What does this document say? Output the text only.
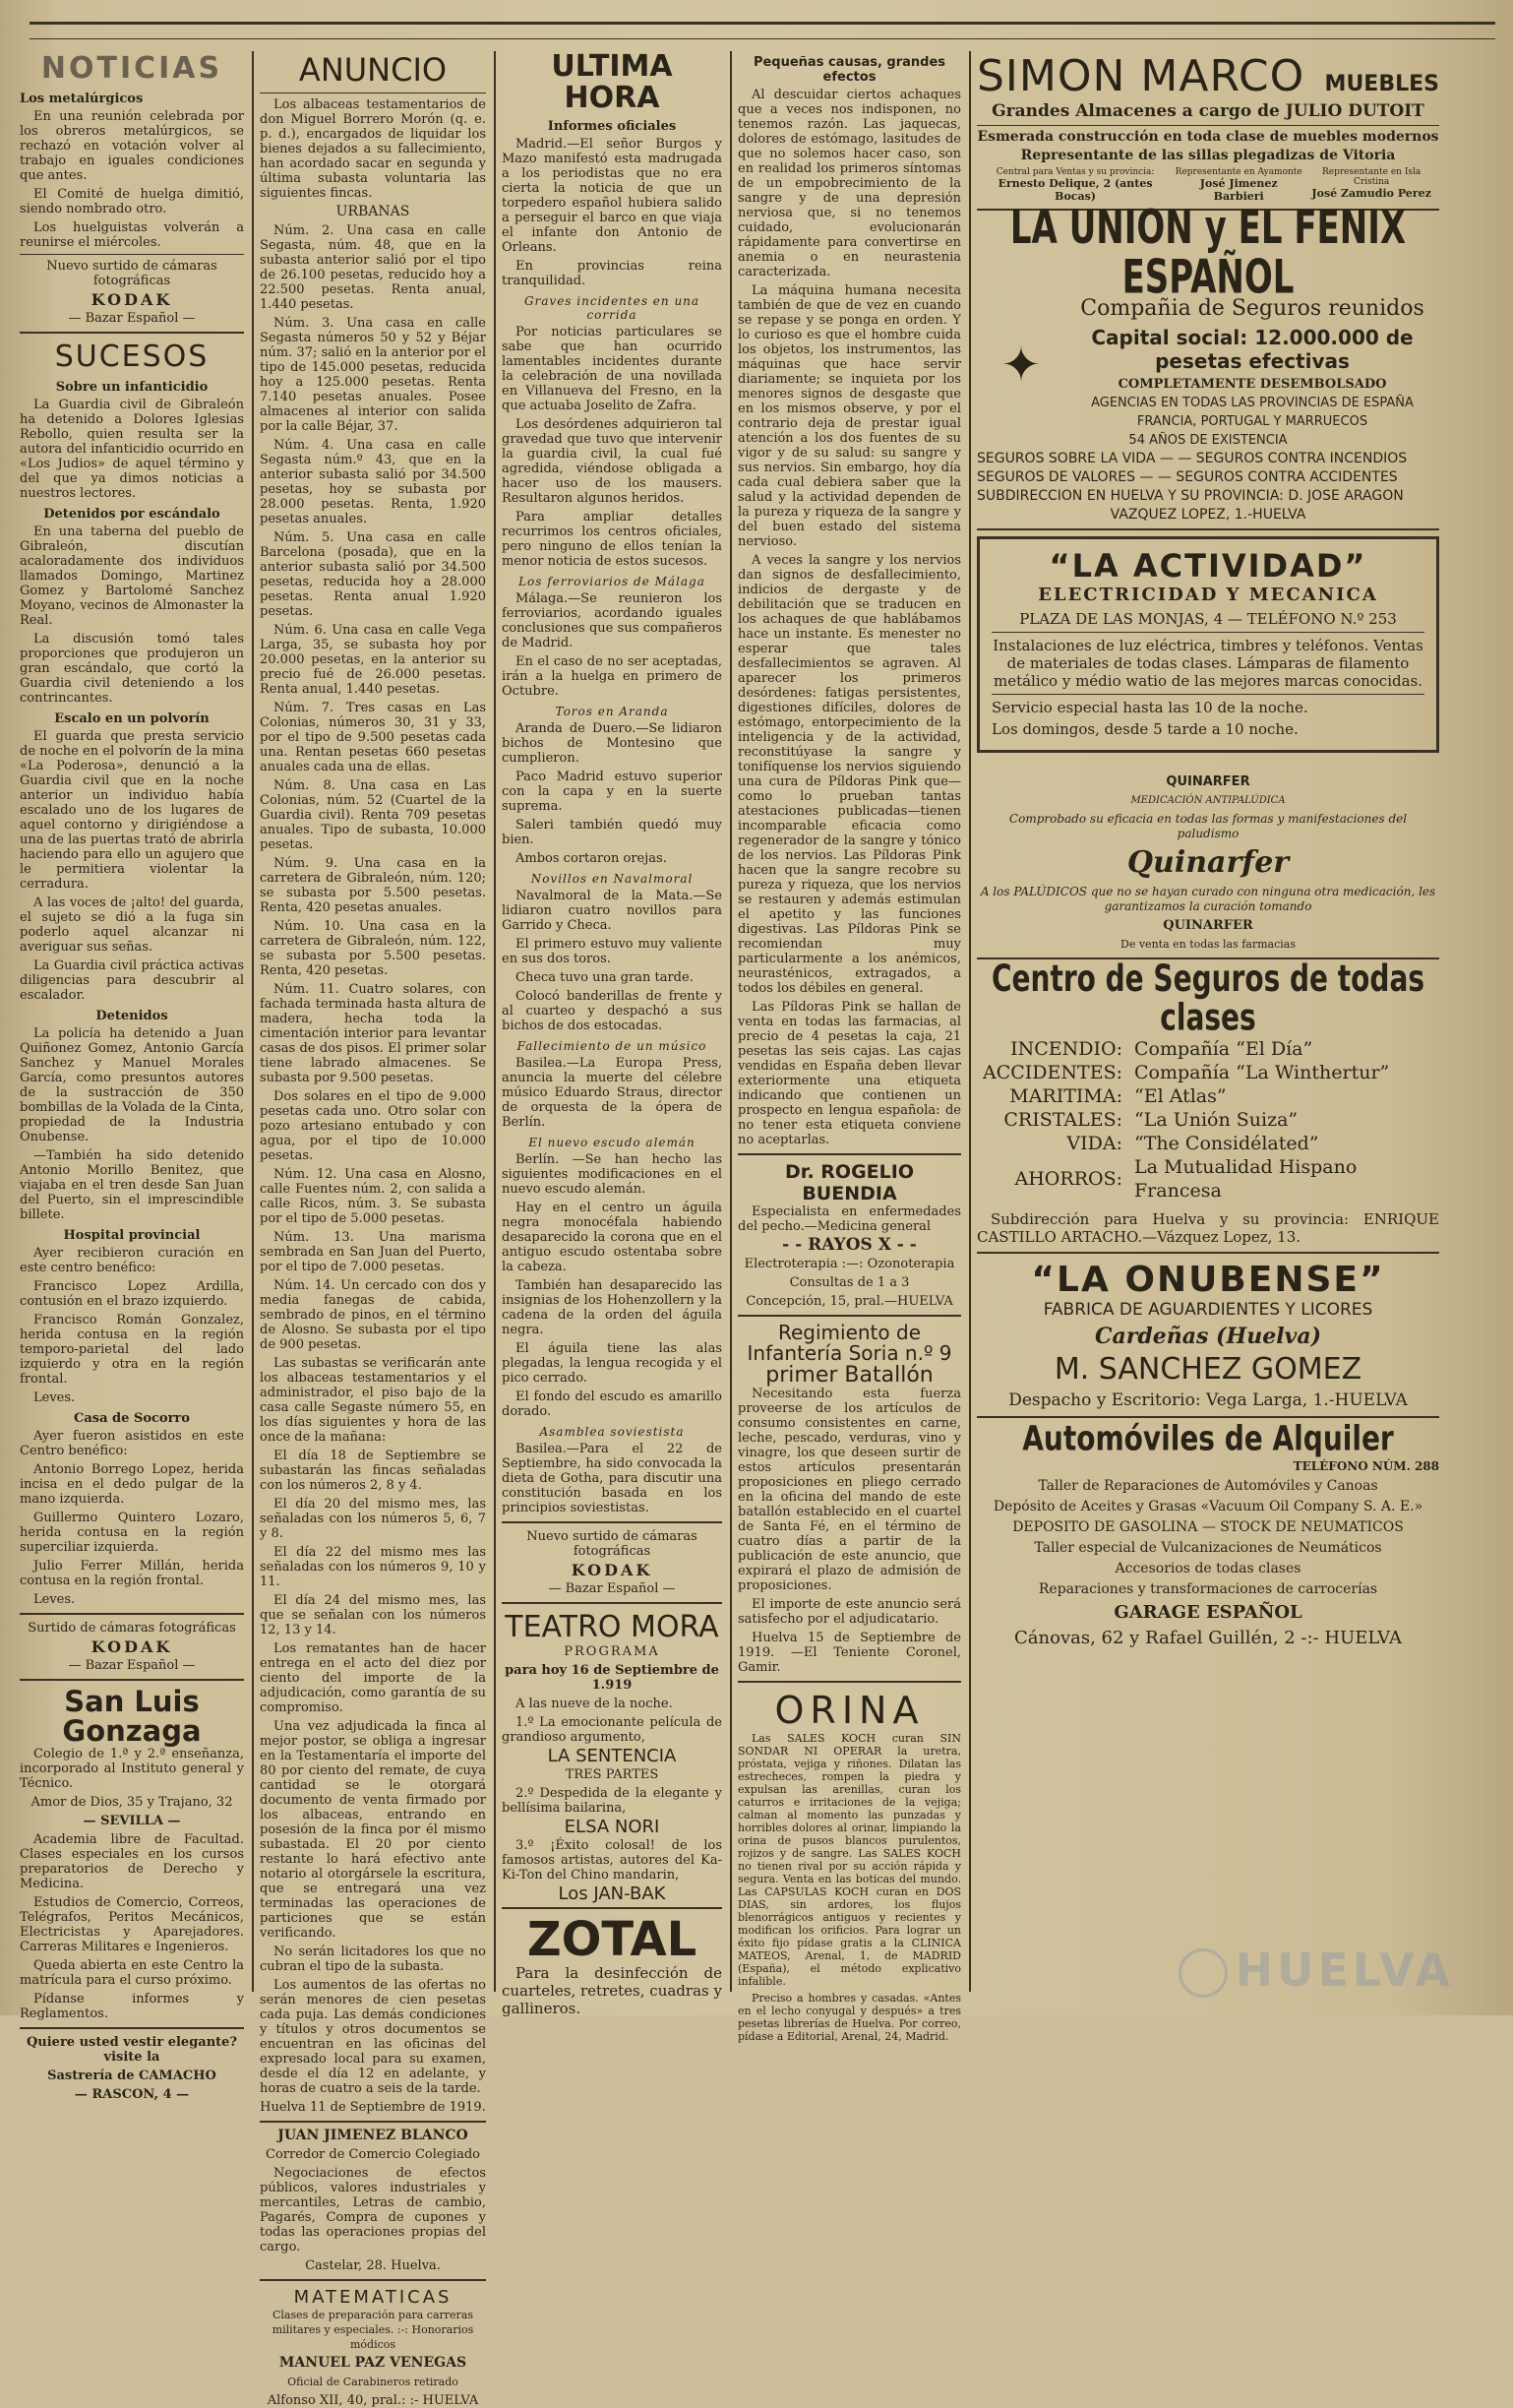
NOTICIAS
Los metalúrgicos

En una reunión celebrada por los obreros metalúrgicos, se rechazó en votación volver al trabajo en iguales condiciones que antes.

El Comité de huelga dimitió, siendo nombrado otro.

Los huelguistas volverán a reunirse el miércoles.

Nuevo surtido de cámaras fotográficas

KODAK

— Bazar Español —

SUCESOS
Sobre un infanticidio

La Guardia civil de Gibraleón ha detenido a Dolores Iglesias Rebollo, quien resulta ser la autora del infanticidio ocurrido en «Los Judios» de aquel término y del que ya dimos noticias a nuestros lectores.

Detenidos por escándalo

En una taberna del pueblo de Gibraleón, discutían acaloradamente dos individuos llamados Domingo, Martinez Gomez y Bartolomé Sanchez Moyano, vecinos de Almonaster la Real.

La discusión tomó tales proporciones que produjeron un gran escándalo, que cortó la Guardia civil deteniendo a los contrincantes.

Escalo en un polvorín

El guarda que presta servicio de noche en el polvorín de la mina «La Poderosa», denunció a la Guardia civil que en la noche anterior un individuo había escalado uno de los lugares de aquel contorno y dirigiéndose a una de las puertas trató de abrirla haciendo para ello un agujero que le permitiera violentar la cerradura.

A las voces de ¡alto! del guarda, el sujeto se dió a la fuga sin poderlo aquel alcanzar ni averiguar sus señas.

La Guardia civil práctica activas diligencias para descubrir al escalador.

Detenidos

La policía ha detenido a Juan Quiñonez Gomez, Antonio García Sanchez y Manuel Morales García, como presuntos autores de la sustracción de 350 bombillas de la Volada de la Cinta, propiedad de la Industria Onubense.

—También ha sido detenido Antonio Morillo Benitez, que viajaba en el tren desde San Juan del Puerto, sin el imprescindible billete.

Hospital provincial

Ayer recibieron curación en este centro benéfico:

Francisco Lopez Ardilla, contusión en el brazo izquierdo.

Francisco Román Gonzalez, herida contusa en la región temporo-parietal del lado izquierdo y otra en la región frontal.

Leves.

Casa de Socorro

Ayer fueron asistidos en este Centro benéfico:

Antonio Borrego Lopez, herida incisa en el dedo pulgar de la mano izquierda.

Guillermo Quintero Lozaro, herida contusa en la región superciliar izquierda.

Julio Ferrer Millán, herida contusa en la región frontal.

Leves.

Surtido de cámaras fotográficas

KODAK

— Bazar Español —

San Luis Gonzaga

Colegio de 1.ª y 2.ª enseñanza, incorporado al Instituto general y Técnico.

Amor de Dios, 35 y Trajano, 32

— SEVILLA —

Academia libre de Facultad. Clases especiales en los cursos preparatorios de Derecho y Medicina.

Estudios de Comercio, Correos, Telégrafos, Peritos Mecánicos, Electricistas y Aparejadores. Carreras Militares e Ingenieros.

Queda abierta en este Centro la matrícula para el curso próximo.

Pídanse informes y Reglamentos.

Quiere usted vestir elegante? visite la

Sastrería de CAMACHO

— RASCON, 4 —

ANUNCIO

Los albaceas testamentarios de don Miguel Borrero Morón (q. e. p. d.), encargados de liquidar los bienes dejados a su fallecimiento, han acordado sacar en segunda y última subasta voluntaria las siguientes fincas.

URBANAS

Núm. 2. Una casa en calle Segasta, núm. 48, que en la subasta anterior salió por el tipo de 26.100 pesetas, reducido hoy a 22.500 pesetas. Renta anual, 1.440 pesetas.

Núm. 3. Una casa en calle Segasta números 50 y 52 y Béjar núm. 37; salió en la anterior por el tipo de 145.000 pesetas, reducida hoy a 125.000 pesetas. Renta 7.140 pesetas anuales. Posee almacenes al interior con salida por la calle Béjar, 37.

Núm. 4. Una casa en calle Segasta núm.º 43, que en la anterior subasta salió por 34.500 pesetas, hoy se subasta por 28.000 pesetas. Renta, 1.920 pesetas anuales.

Núm. 5. Una casa en calle Barcelona (posada), que en la anterior subasta salió por 34.500 pesetas, reducida hoy a 28.000 pesetas. Renta anual 1.920 pesetas.

Núm. 6. Una casa en calle Vega Larga, 35, se subasta hoy por 20.000 pesetas, en la anterior su precio fué de 26.000 pesetas. Renta anual, 1.440 pesetas.

Núm. 7. Tres casas en Las Colonias, números 30, 31 y 33, por el tipo de 9.500 pesetas cada una. Rentan pesetas 660 pesetas anuales cada una de ellas.

Núm. 8. Una casa en Las Colonias, núm. 52 (Cuartel de la Guardia civil). Renta 709 pesetas anuales. Tipo de subasta, 10.000 pesetas.

Núm. 9. Una casa en la carretera de Gibraleón, núm. 120; se subasta por 5.500 pesetas. Renta, 420 pesetas anuales.

Núm. 10. Una casa en la carretera de Gibraleón, núm. 122, se subasta por 5.500 pesetas. Renta, 420 pesetas.

Núm. 11. Cuatro solares, con fachada terminada hasta altura de madera, hecha toda la cimentación interior para levantar casas de dos pisos. El primer solar tiene labrado almacenes. Se subasta por 9.500 pesetas.

Dos solares en el tipo de 9.000 pesetas cada uno. Otro solar con pozo artesiano entubado y con agua, por el tipo de 10.000 pesetas.

Núm. 12. Una casa en Alosno, calle Fuentes núm. 2, con salida a calle Ricos, núm. 3. Se subasta por el tipo de 5.000 pesetas.

Núm. 13. Una marisma sembrada en San Juan del Puerto, por el tipo de 7.000 pesetas.

Núm. 14. Un cercado con dos y media fanegas de cabida, sembrado de pinos, en el término de Alosno. Se subasta por el tipo de 900 pesetas.

Las subastas se verificarán ante los albaceas testamentarios y el administrador, el piso bajo de la casa calle Segaste número 55, en los días siguientes y hora de las once de la mañana:

El día 18 de Septiembre se subastarán las fincas señaladas con los números 2, 8 y 4.

El día 20 del mismo mes, las señaladas con los números 5, 6, 7 y 8.

El día 22 del mismo mes las señaladas con los números 9, 10 y 11.

El día 24 del mismo mes, las que se señalan con los números 12, 13 y 14.

Los rematantes han de hacer entrega en el acto del diez por ciento del importe de la adjudicación, como garantía de su compromiso.

Una vez adjudicada la finca al mejor postor, se obliga a ingresar en la Testamentaría el importe del 80 por ciento del remate, de cuya cantidad se le otorgará documento de venta firmado por los albaceas, entrando en posesión de la finca por él mismo subastada. El 20 por ciento restante lo hará efectivo ante notario al otorgársele la escritura, que se entregará una vez terminadas las operaciones de particiones que se están verificando.

No serán licitadores los que no cubran el tipo de la subasta.

Los aumentos de las ofertas no serán menores de cien pesetas cada puja. Las demás condiciones y títulos y otros documentos se encuentran en las oficinas del expresado local para su examen, desde el día 12 en adelante, y horas de cuatro a seis de la tarde.

Huelva 11 de Septiembre de 1919.

JUAN JIMENEZ BLANCO

Corredor de Comercio Colegiado

Negociaciones de efectos públicos, valores industriales y mercantiles, Letras de cambio, Pagarés, Compra de cupones y todas las operaciones propias del cargo.

Castelar, 28. Huelva.

MATEMATICAS

Clases de preparación para carreras militares y especiales. :-: Honorarios módicos

MANUEL PAZ VENEGAS

Oficial de Carabineros retirado

Alfonso XII, 40, pral.: :- HUELVA

ULTIMA HORA
Informes oficiales

Madrid.—El señor Burgos y Mazo manifestó esta madrugada a los periodistas que no era cierta la noticia de que un torpedero español hubiera salido a perseguir el barco en que viaja el infante don Antonio de Orleans.

En provincias reina tranquilidad.

Graves incidentes en una corrida

Por noticias particulares se sabe que han ocurrido lamentables incidentes durante la celebración de una novillada en Villanueva del Fresno, en la que actuaba Joselito de Zafra.

Los desórdenes adquirieron tal gravedad que tuvo que intervenir la guardia civil, la cual fué agredida, viéndose obligada a hacer uso de los mausers. Resultaron algunos heridos.

Para ampliar detalles recurrimos los centros oficiales, pero ninguno de ellos tenían la menor noticia de estos sucesos.

Los ferroviarios de Málaga

Málaga.—Se reunieron los ferroviarios, acordando iguales conclusiones que sus compañeros de Madrid.

En el caso de no ser aceptadas, irán a la huelga en primero de Octubre.

Toros en Aranda

Aranda de Duero.—Se lidiaron bichos de Montesino que cumplieron.

Paco Madrid estuvo superior con la capa y en la suerte suprema.

Saleri también quedó muy bien.

Ambos cortaron orejas.

Novillos en Navalmoral

Navalmoral de la Mata.—Se lidiaron cuatro novillos para Garrido y Checa.

El primero estuvo muy valiente en sus dos toros.

Checa tuvo una gran tarde.

Colocó banderillas de frente y al cuarteo y despachó a sus bichos de dos estocadas.

Fallecimiento de un músico

Basilea.—La Europa Press, anuncia la muerte del célebre músico Eduardo Straus, director de orquesta de la ópera de Berlín.

El nuevo escudo alemán

Berlín. —Se han hecho las siguientes modificaciones en el nuevo escudo alemán.

Hay en el centro un águila negra monocéfala habiendo desaparecido la corona que en el antiguo escudo ostentaba sobre la cabeza.

También han desaparecido las insignias de los Hohenzollern y la cadena de la orden del águila negra.

El águila tiene las alas plegadas, la lengua recogida y el pico cerrado.

El fondo del escudo es amarillo dorado.

Asamblea soviestista

Basilea.—Para el 22 de Septiembre, ha sido convocada la dieta de Gotha, para discutir una constitución basada en los principios soviestistas.

Nuevo surtido de cámaras fotográficas

KODAK

— Bazar Español —

TEATRO MORA

PROGRAMA

para hoy 16 de Septiembre de 1.919

A las nueve de la noche.

1.º La emocionante película de grandioso argumento,

LA SENTENCIA

TRES PARTES

2.º Despedida de la elegante y bellísima bailarina,

ELSA NORI

3.º ¡Éxito colosal! de los famosos artistas, autores del Ka-Ki-Ton del Chino mandarin,

Los JAN-BAK

ZOTAL

Para la desinfección de cuarteles, retretes, cuadras y gallineros.

Pequeñas causas, grandes efectos

Al descuidar ciertos achaques que a veces nos indisponen, no tenemos razón. Las jaquecas, dolores de estómago, lasitudes de que no solemos hacer caso, son en realidad los primeros síntomas de un empobrecimiento de la sangre y de una depresión nerviosa que, si no tenemos cuidado, evolucionarán rápidamente para convertirse en anemia o en neurastenia caracterizada.

La máquina humana necesita también de que de vez en cuando se repase y se ponga en orden. Y lo curioso es que el hombre cuida los objetos, los instrumentos, las máquinas que hace servir diariamente; se inquieta por los menores signos de desgaste que en los mismos observe, y por el contrario deja de prestar igual atención a los dos fuentes de su vigor y de su salud: su sangre y sus nervios. Sin embargo, hoy día cada cual debiera saber que la salud y la actividad dependen de la pureza y riqueza de la sangre y del buen estado del sistema nervioso.

A veces la sangre y los nervios dan signos de desfallecimiento, indicios de dergaste y de debilitación que se traducen en los achaques de que hablábamos hace un instante. Es menester no esperar que tales desfallecimientos se agraven. Al aparecer los primeros desórdenes: fatigas persistentes, digestiones difíciles, dolores de estómago, entorpecimiento de la inteligencia y de la actividad, reconstitúyase la sangre y tonifíquense los nervios siguiendo una cura de Píldoras Pink que—como lo prueban tantas atestaciones publicadas—tienen incomparable eficacia como regenerador de la sangre y tónico de los nervios. Las Píldoras Pink hacen que la sangre recobre su pureza y riqueza, que los nervios se restauren y además estimulan el apetito y las funciones digestivas. Las Píldoras Pink se recomiendan muy particularmente a los anémicos, neurasténicos, extragados, a todos los débiles en general.

Las Píldoras Pink se hallan de venta en todas las farmacias, al precio de 4 pesetas la caja, 21 pesetas las seis cajas. Las cajas vendidas en España deben llevar exteriormente una etiqueta indicando que contienen un prospecto en lengua española: de no tener esta etiqueta conviene no aceptarlas.

Dr. ROGELIO BUENDIA

Especialista en enfermedades del pecho.—Medicina general

- - RAYOS X - -

Electroterapia :—: Ozonoterapia

Consultas de 1 a 3

Concepción, 15, pral.—HUELVA

Regimiento de Infantería Soria n.º 9
primer Batallón

Necesitando esta fuerza proveerse de los artículos de consumo consistentes en carne, leche, pescado, verduras, vino y vinagre, los que deseen surtir de estos artículos presentarán proposiciones en pliego cerrado en la oficina del mando de este batallón establecido en el cuartel de Santa Fé, en el término de cuatro días a partir de la publicación de este anuncio, que expirará el plazo de admisión de proposiciones.

El importe de este anuncio será satisfecho por el adjudicatario.

Huelva 15 de Septiembre de 1919. —El Teniente Coronel, Gamir.

ORINA

Las SALES KOCH curan SIN SONDAR NI OPERAR la uretra, próstata, vejiga y riñones. Dilatan las estrecheces, rompen la piedra y expulsan las arenillas, curan los caturros e irritaciones de la vejiga; calman al momento las punzadas y horribles dolores al orinar, limpiando la orina de pusos blancos purulentos, rojizos y de sangre. Las SALES KOCH no tienen rival por su acción rápida y segura. Venta en las boticas del mundo. Las CAPSULAS KOCH curan en DOS DIAS, sin ardores, los flujos blenorrágicos antiguos y recientes y modifican los orificios. Para lograr un éxito fijo pídase gratis a la CLINICA MATEOS, Arenal, 1, de MADRID (España), el método explicativo infalible.

Preciso a hombres y casadas. «Antes en el lecho conyugal y después» a tres pesetas librerías de Huelva. Por correo, pídase a Editorial, Arenal, 24, Madrid.

SIMON MARCO MUEBLES

Grandes Almacenes a cargo de JULIO DUTOIT

Esmerada construcción en toda clase de muebles modernos

Representante de las sillas plegadizas de Vitoria

Central para Ventas y su provincia:
Ernesto Delique, 2 (antes Bocas)
Representante en Ayamonte
José Jimenez Barbieri
Representante en Isla Cristina
José Zamudio Perez
LA UNION y EL FENIX ESPAÑOL
✦

Compañia de Seguros reunidos

Capital social: 12.000.000 de pesetas efectivas

COMPLETAMENTE DESEMBOLSADO

AGENCIAS EN TODAS LAS PROVINCIAS DE ESPAÑA

FRANCIA, PORTUGAL Y MARRUECOS

54 AÑOS DE EXISTENCIA

SEGUROS SOBRE LA VIDA — — SEGUROS CONTRA INCENDIOS

SEGUROS DE VALORES — — SEGUROS CONTRA ACCIDENTES

SUBDIRECCION EN HUELVA Y SU PROVINCIA: D. JOSE ARAGON

VAZQUEZ LOPEZ, 1.-HUELVA

“LA ACTIVIDAD”

ELECTRICIDAD Y MECANICA

PLAZA DE LAS MONJAS, 4 — TELÉFONO N.º 253

Instalaciones de luz eléctrica, timbres y teléfonos. Ventas de materiales de todas clases. Lámparas de filamento metálico y médio watio de las mejores marcas conocidas.

Servicio especial hasta las 10 de la noche.

Los domingos, desde 5 tarde a 10 noche.

QUINARFER

MEDICACIÓN ANTIPALÚDICA

Comprobado su eficacia en todas las formas y manifestaciones del paludismo

Quinarfer

A los PALÚDICOS que no se hayan curado con ninguna otra medicación, les garantizamos la curación tomando

QUINARFER

De venta en todas las farmacias

Centro de Seguros de todas clases
INCENDIO:	Compañía “El Día”
ACCIDENTES:	Compañía “La Winthertur”
MARITIMA:	“El Atlas”
CRISTALES:	“La Unión Suiza”
VIDA:	“The Considélated”
AHORROS:	La Mutualidad Hispano Francesa

Subdirección para Huelva y su provincia: ENRIQUE CASTILLO ARTACHO.—Vázquez Lopez, 13.

“LA ONUBENSE”

FABRICA DE AGUARDIENTES Y LICORES

Cardeñas (Huelva)

M. SANCHEZ GOMEZ

Despacho y Escritorio: Vega Larga, 1.-HUELVA

Automóviles de Alquiler

TELÉFONO NÚM. 288

Taller de Reparaciones de Automóviles y Canoas

Depósito de Aceites y Grasas «Vacuum Oil Company S. A. E.»

DEPOSITO DE GASOLINA — STOCK DE NEUMATICOS

Taller especial de Vulcanizaciones de Neumáticos

Accesorios de todas clases

Reparaciones y transformaciones de carrocerías

GARAGE ESPAÑOL

Cánovas, 62 y Rafael Guillén, 2 -:- HUELVA

HUELVA
